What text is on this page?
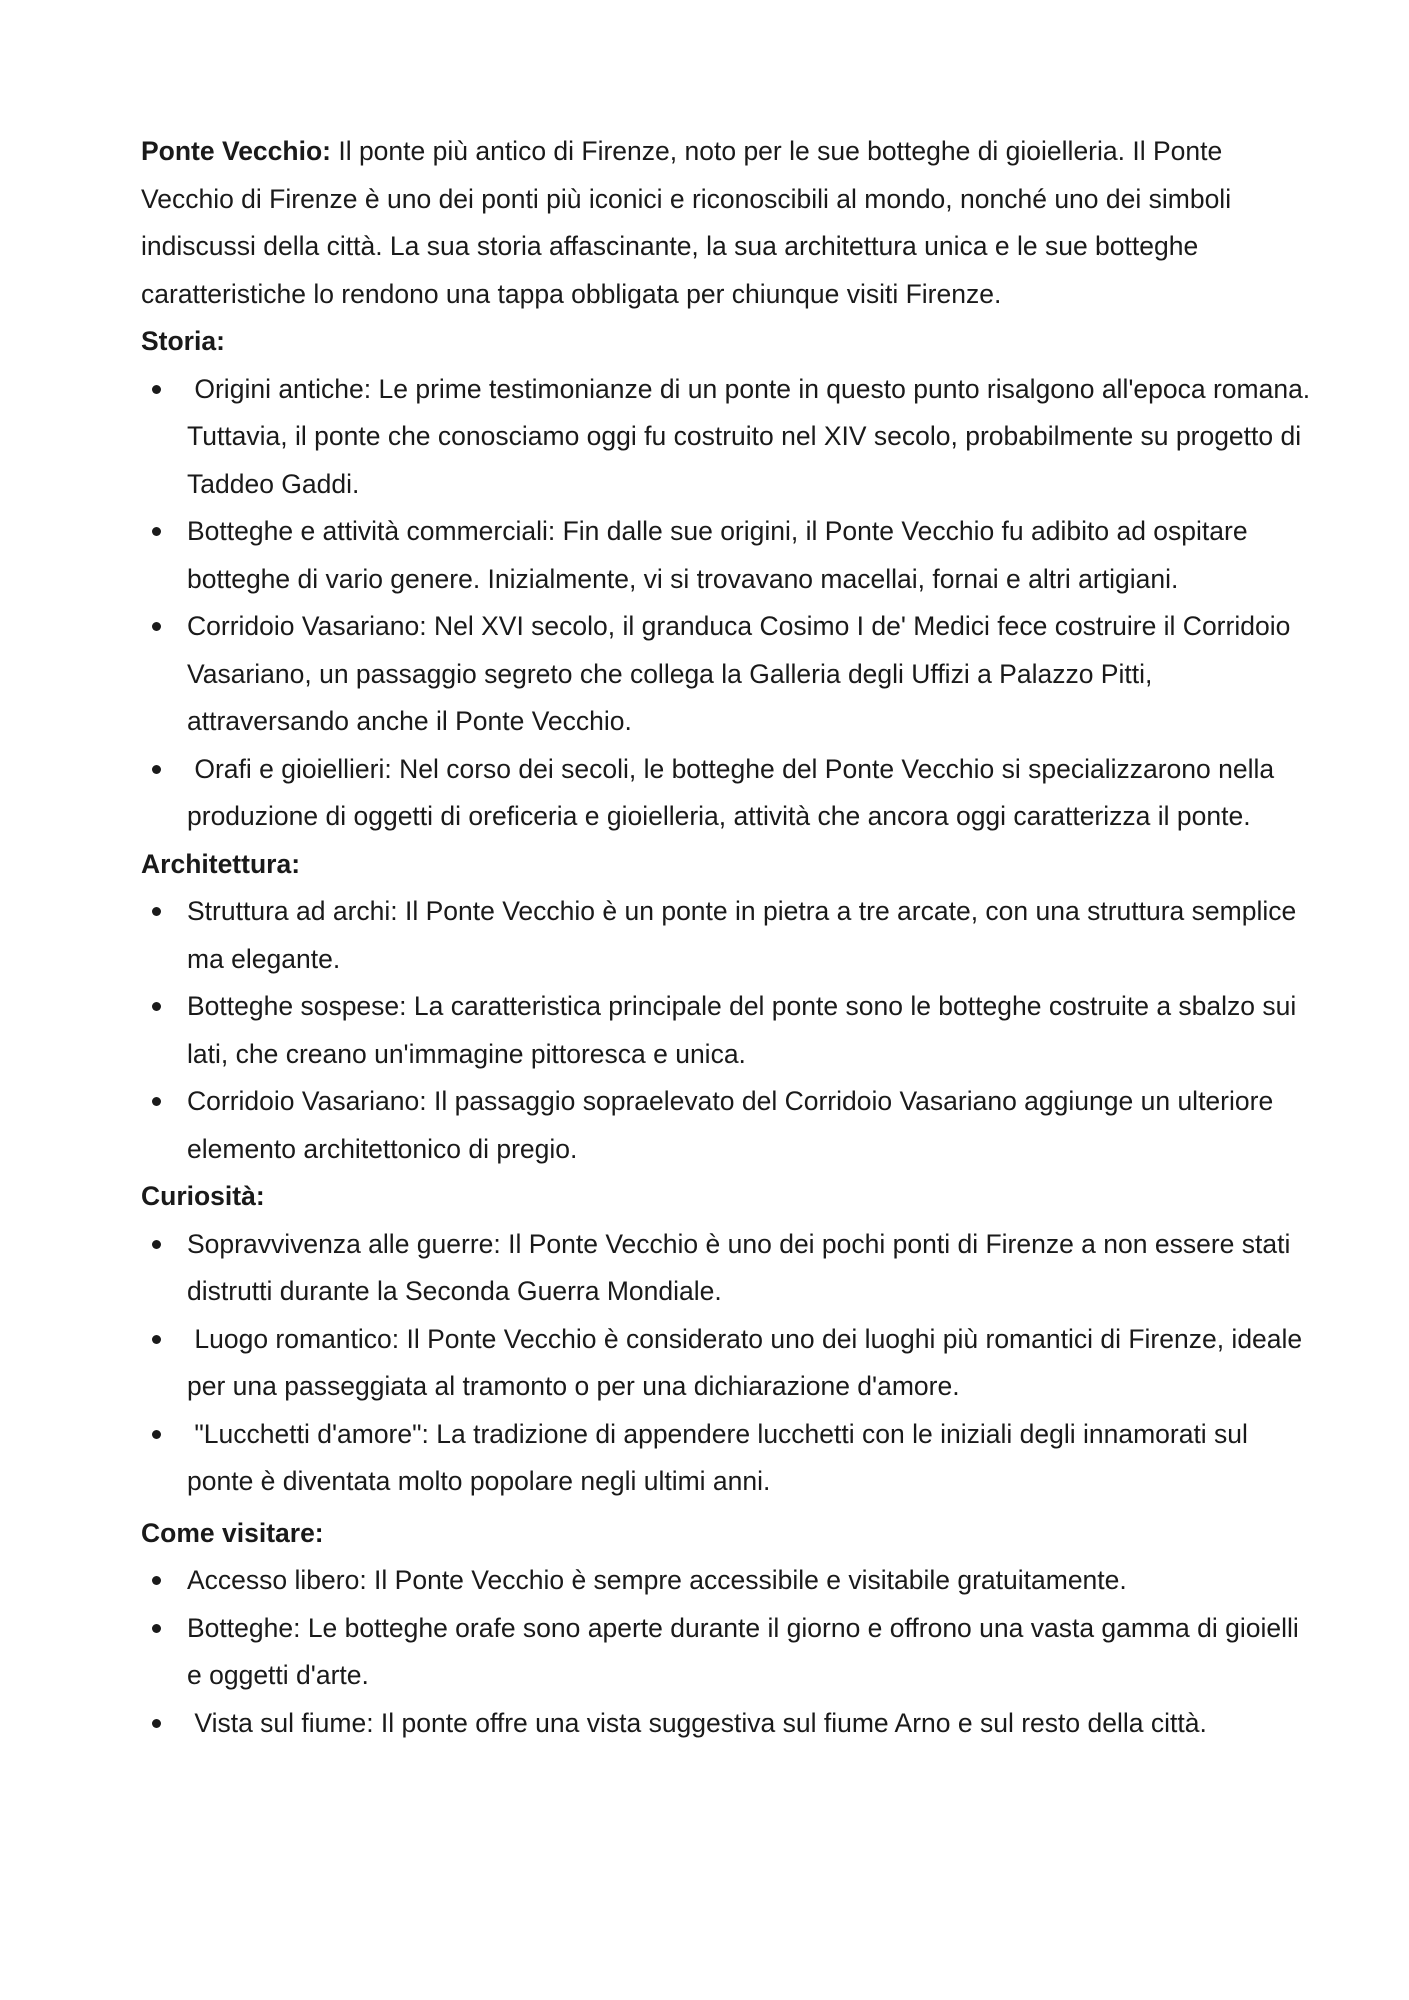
Ponte Vecchio: Il ponte più antico di Firenze, noto per le sue botteghe di gioielleria. Il Ponte Vecchio di Firenze è uno dei ponti più iconici e riconoscibili al mondo, nonché uno dei simboli indiscussi della città. La sua storia affascinante, la sua architettura unica e le sue botteghe caratteristiche lo rendono una tappa obbligata per chiunque visiti Firenze.

Storia:

Origini antiche: Le prime testimonianze di un ponte in questo punto risalgono all'epoca romana. Tuttavia, il ponte che conosciamo oggi fu costruito nel XIV secolo, probabilmente su progetto di Taddeo Gaddi.
Botteghe e attività commerciali: Fin dalle sue origini, il Ponte Vecchio fu adibito ad ospitare botteghe di vario genere. Inizialmente, vi si trovavano macellai, fornai e altri artigiani.
Corridoio Vasariano: Nel XVI secolo, il granduca Cosimo I de' Medici fece costruire il Corridoio Vasariano, un passaggio segreto che collega la Galleria degli Uffizi a Palazzo Pitti, attraversando anche il Ponte Vecchio.
Orafi e gioiellieri: Nel corso dei secoli, le botteghe del Ponte Vecchio si specializzarono nella produzione di oggetti di oreficeria e gioielleria, attività che ancora oggi caratterizza il ponte.

Architettura:

Struttura ad archi: Il Ponte Vecchio è un ponte in pietra a tre arcate, con una struttura semplice ma elegante.
Botteghe sospese: La caratteristica principale del ponte sono le botteghe costruite a sbalzo sui lati, che creano un'immagine pittoresca e unica.
Corridoio Vasariano: Il passaggio sopraelevato del Corridoio Vasariano aggiunge un ulteriore elemento architettonico di pregio.

Curiosità:

Sopravvivenza alle guerre: Il Ponte Vecchio è uno dei pochi ponti di Firenze a non essere stati distrutti durante la Seconda Guerra Mondiale.
Luogo romantico: Il Ponte Vecchio è considerato uno dei luoghi più romantici di Firenze, ideale per una passeggiata al tramonto o per una dichiarazione d'amore.
"Lucchetti d'amore": La tradizione di appendere lucchetti con le iniziali degli innamorati sul ponte è diventata molto popolare negli ultimi anni.

Come visitare:

Accesso libero: Il Ponte Vecchio è sempre accessibile e visitabile gratuitamente.
Botteghe: Le botteghe orafe sono aperte durante il giorno e offrono una vasta gamma di gioielli e oggetti d'arte.
Vista sul fiume: Il ponte offre una vista suggestiva sul fiume Arno e sul resto della città.
